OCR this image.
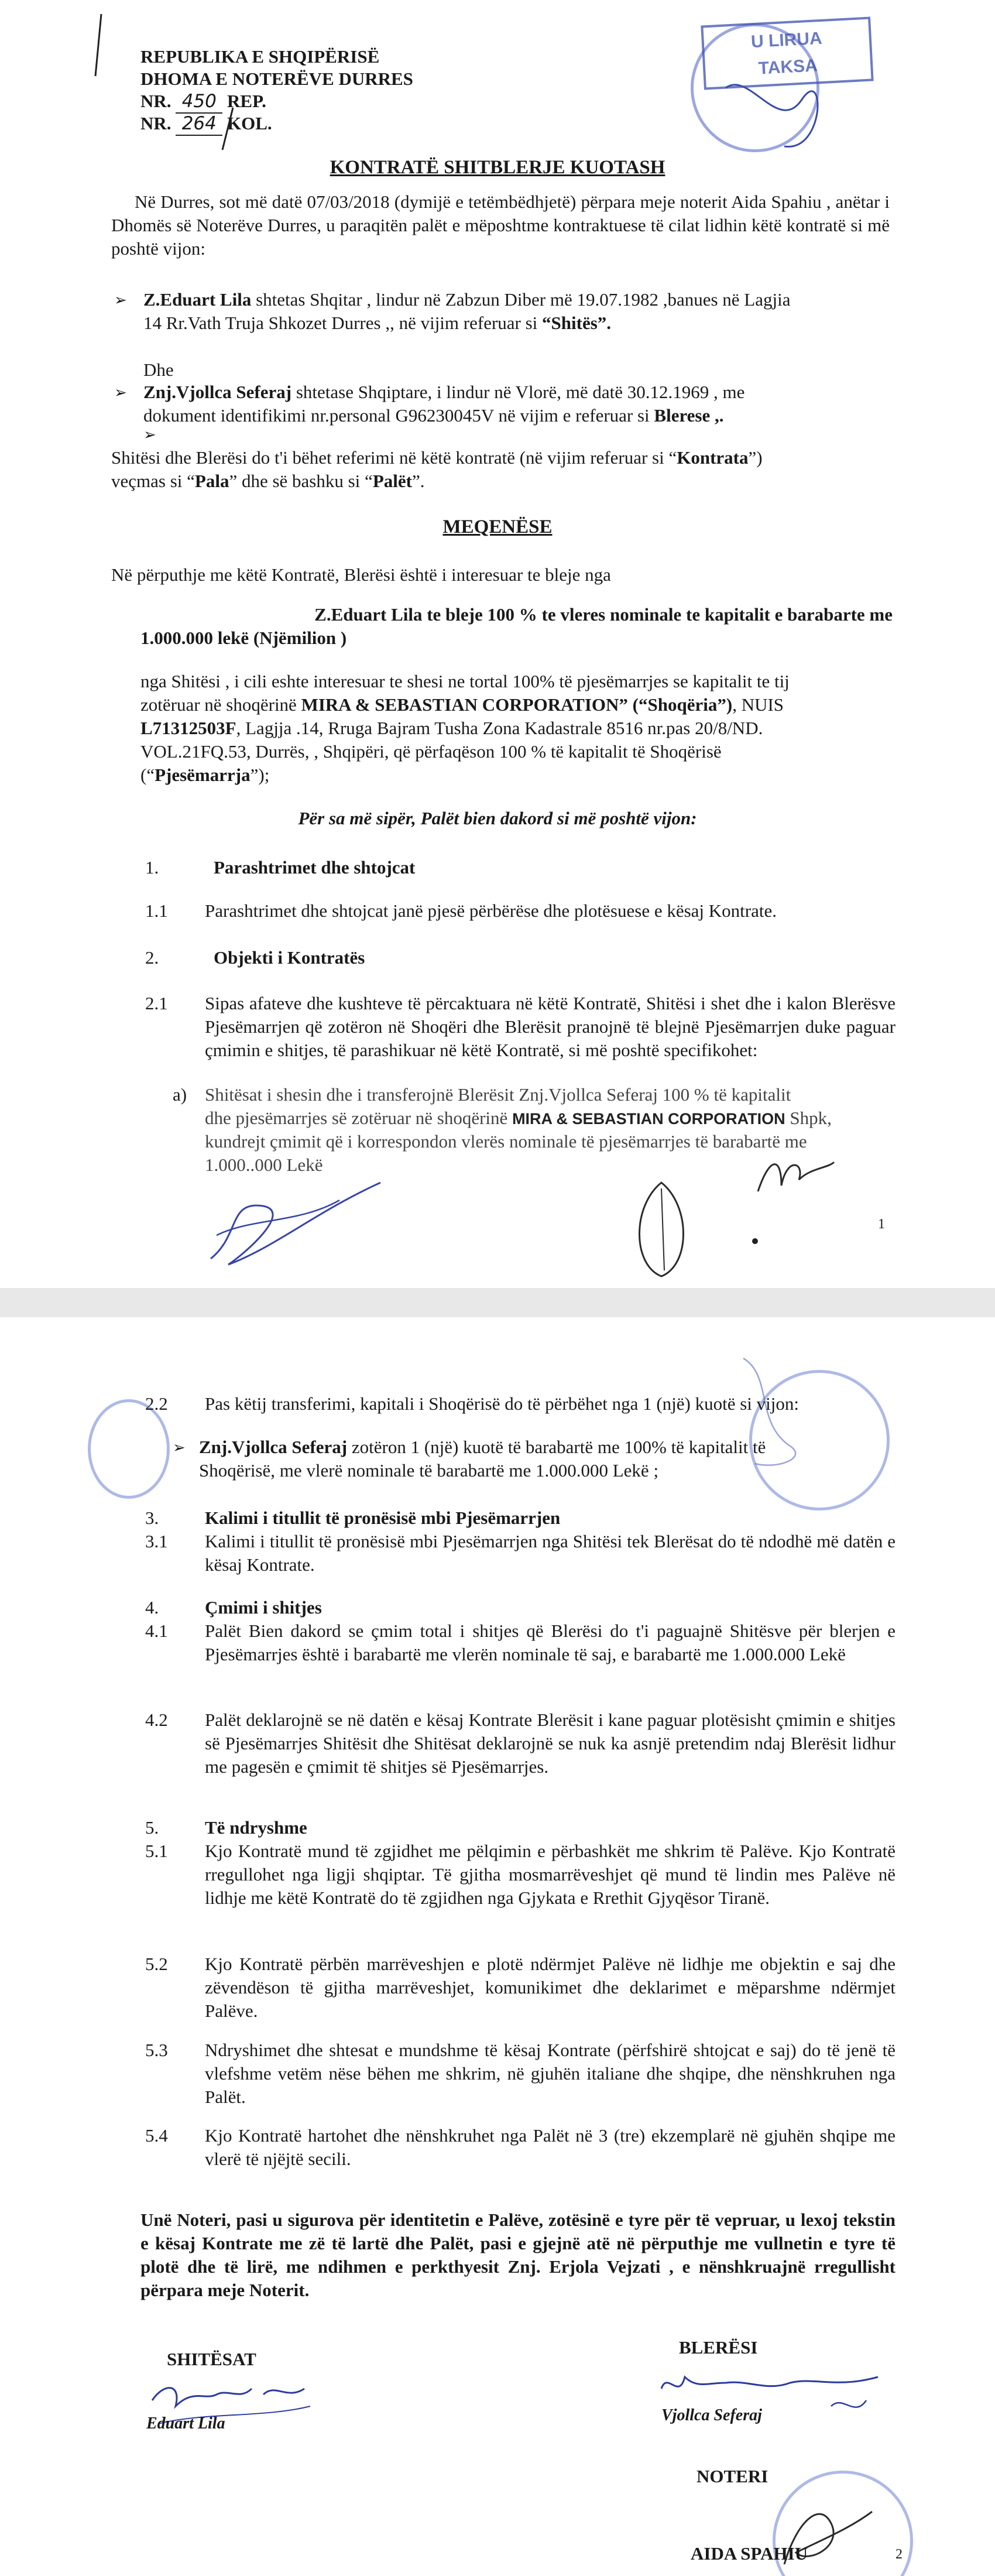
REPUBLIKA E SHQIPËRISË
DHOMA E NOTERËVE DURRES
NR. 450 REP.
NR. 264 KOL.
U LIRUA
TAKSA
KONTRATË SHITBLERJE KUOTASH

Në Durres, sot më datë 07/03/2018 (dymijë e tetëmbëdhjetë) përpara meje noterit Aida Spahiu , anëtar i Dhomës së Noterëve Durres, u paraqitën palët e mëposhtme kontraktuese të cilat lidhin këtë kontratë si më poshtë vijon:

➢ Z.Eduart Lila shtetas Shqitar , lindur në Zabzun Diber më 19.07.1982 ,banues në Lagjia
14 Rr.Vath Truja Shkozet Durres ,, në vijim referuar si “Shitës”.
Dhe
➢ Znj.Vjollca Seferaj shtetase Shqiptare, i lindur në Vlorë, më datë 30.12.1969 , me
dokument identifikimi nr.personal G96230045V në vijim e referuar si Blerese ,.
➢
Shitësi dhe Blerësi do t'i bëhet referimi në këtë kontratë (në vijim referuar si “Kontrata”)
veçmas si “Pala” dhe së bashku si “Palët”.
MEQENËSE
Në përputhje me këtë Kontratë, Blerësi është i interesuar te bleje nga
Z.Eduart Lila te bleje 100 % te vleres nominale te kapitalit e barabarte me
1.000.000 lekë (Njëmilion )
nga Shitësi , i cili eshte interesuar te shesi ne tortal 100% të pjesëmarrjes se kapitalit te tij
zotëruar në shoqërinë MIRA & SEBASTIAN CORPORATION” (“Shoqëria”), NUIS
L71312503F, Lagjja .14, Rruga Bajram Tusha Zona Kadastrale 8516 nr.pas 20/8/ND.
VOL.21FQ.53, Durrës, , Shqipëri, që përfaqëson 100 % të kapitalit të Shoqërisë
(“Pjesëmarrja”);
Për sa më sipër, Palët bien dakord si më poshtë vijon:
1.	Parashtrimet dhe shtojcat
1.1 Parashtrimet dhe shtojcat janë pjesë përbërëse dhe plotësuese e kësaj Kontrate.
2.	Objekti i Kontratës
2.1 Sipas afateve dhe kushteve të përcaktuara në këtë Kontratë, Shitësi i shet dhe i kalon Blerësve Pjesëmarrjen që zotëron në Shoqëri dhe Blerësit pranojnë të blejnë Pjesëmarrjen duke paguar çmimin e shitjes, të parashikuar në këtë Kontratë, si më poshtë specifikohet:

a) Shitësat i shesin dhe i transferojnë Blerësit Znj.Vjollca Seferaj 100 % të kapitalit
dhe pjesëmarrjes së zotëruar në shoqërinë MIRA & SEBASTIAN CORPORATION Shpk,
kundrejt çmimit që i korrespondon vlerës nominale të pjesëmarrjes të barabartë me
1.000..000 Lekë
1
2.2 Pas këtij transferimi, kapitali i Shoqërisë do të përbëhet nga 1 (një) kuotë si vijon:
➢ Znj.Vjollca Seferaj zotëron 1 (një) kuotë të barabartë me 100% të kapitalit të
Shoqërisë, me vlerë nominale të barabartë me 1.000.000 Lekë ;
3.	Kalimi i titullit të pronësisë mbi Pjesëmarrjen
3.1 Kalimi i titullit të pronësisë mbi Pjesëmarrjen nga Shitësi tek Blerësat do të ndodhë më datën e kësaj Kontrate.

4.	Çmimi i shitjes
4.1 Palët Bien dakord se çmim total i shitjes që Blerësi do t'i paguajnë Shitësve për blerjen e Pjesëmarrjes është i barabartë me vlerën nominale të saj, e barabartë me 1.000.000 Lekë

4.2 Palët deklarojnë se në datën e kësaj Kontrate Blerësit i kane paguar plotësisht çmimin e shitjes së Pjesëmarrjes Shitësit dhe Shitësat deklarojnë se nuk ka asnjë pretendim ndaj Blerësit lidhur me pagesën e çmimit të shitjes së Pjesëmarrjes.

5.	Të ndryshme
5.1 Kjo Kontratë mund të zgjidhet me pëlqimin e përbashkët me shkrim të Palëve. Kjo Kontratë rregullohet nga ligji shqiptar. Të gjitha mosmarrëveshjet që mund të lindin mes Palëve në lidhje me këtë Kontratë do të zgjidhen nga Gjykata e Rrethit Gjyqësor Tiranë.

5.2 Kjo Kontratë përbën marrëveshjen e plotë ndërmjet Palëve në lidhje me objektin e saj dhe zëvendëson të gjitha marrëveshjet, komunikimet dhe deklarimet e mëparshme ndërmjet Palëve.

5.3 Ndryshimet dhe shtesat e mundshme të kësaj Kontrate (përfshirë shtojcat e saj) do të jenë të vlefshme vetëm nëse bëhen me shkrim, në gjuhën italiane dhe shqipe, dhe nënshkruhen nga Palët.

5.4 Kjo Kontratë hartohet dhe nënshkruhet nga Palët në 3 (tre) ekzemplarë në gjuhën shqipe me vlerë të njëjtë secili.

Unë Noteri, pasi u sigurova për identitetin e Palëve, zotësinë e tyre për të vepruar, u lexoj tekstin e kësaj Kontrate me zë të lartë dhe Palët, pasi e gjejnë atë në përputhje me vullnetin e tyre të plotë dhe të lirë, me ndihmen e perkthyesit Znj. Erjola Vejzati , e nënshkruajnë rregullisht përpara meje Noterit.

SHITËSAT
Eduart Lila
BLERËSI
Vjollca Seferaj
NOTERI
AIDA SPAHIU	2
